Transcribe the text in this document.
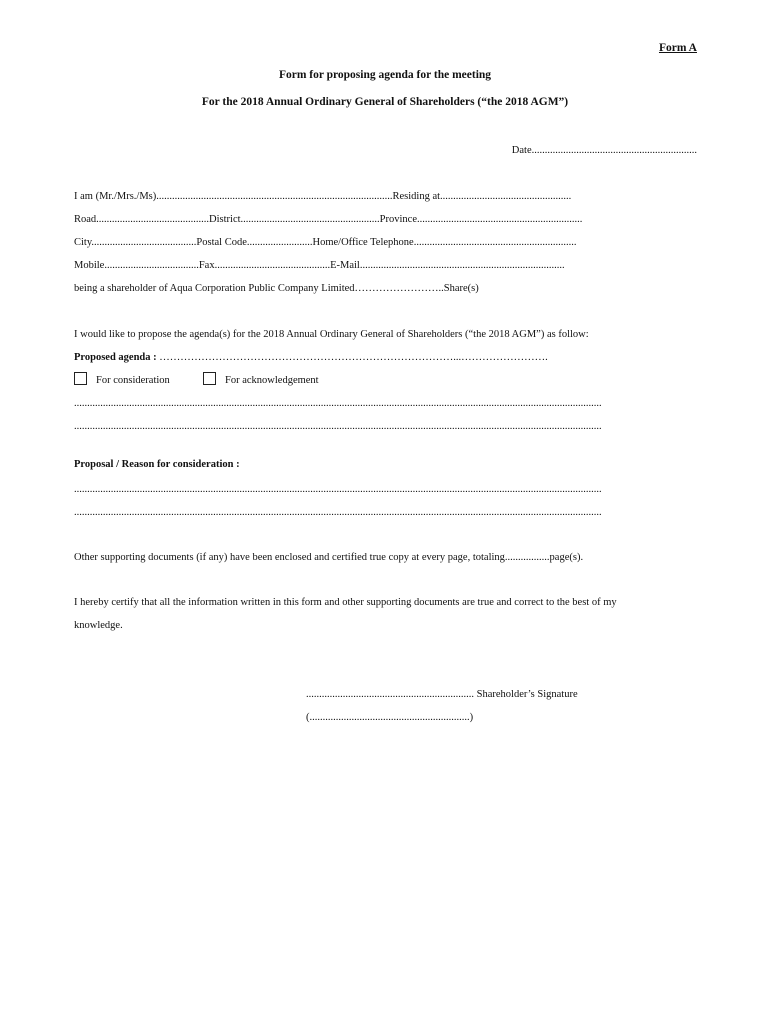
Form A
Form for proposing agenda for the meeting
For the 2018 Annual Ordinary General of Shareholders (“the 2018 AGM”)
Date...............................................................
I am (Mr./Mrs./Ms)..........................................................................................Residing at..................................................
Road...........................................District.....................................................Province...............................................................
City........................................Postal Code.........................Home/Office Telephone..............................................................
Mobile....................................Fax............................................E-Mail..............................................................................
being a shareholder of Aqua Corporation Public Company Limited……………………..Share(s)
I would like to propose the agenda(s) for the 2018 Annual Ordinary General of Shareholders (“the 2018 AGM”) as follow:
Proposed agenda : …………………………………………………………………………...…………………….
For consideration	For acknowledgement
.........................................................................................................................................................................................................
.........................................................................................................................................................................................................
Proposal / Reason for consideration :
.........................................................................................................................................................................................................
.........................................................................................................................................................................................................
Other supporting documents (if any) have been enclosed and certified true copy at every page, totaling.................page(s).
I hereby certify that all the information written in this form and other supporting documents are true and correct to the best of my
knowledge.
................................................................ Shareholder’s Signature
(.............................................................)
